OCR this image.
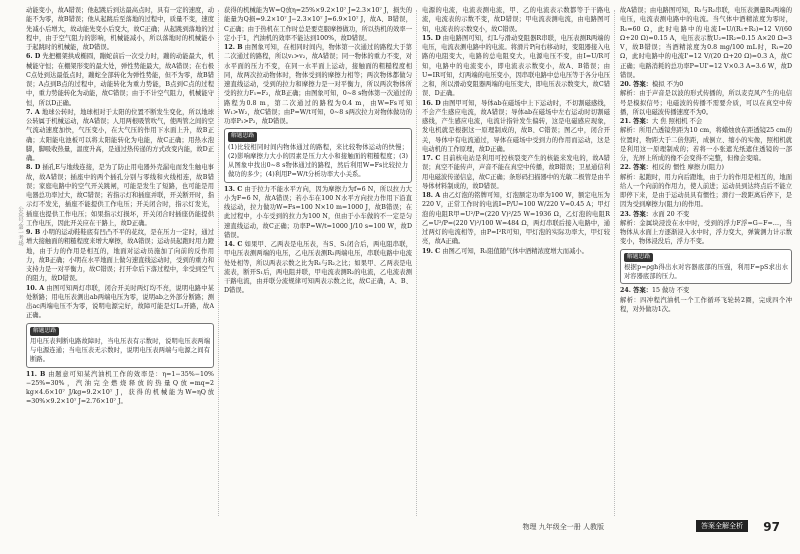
公众号·第一考场

动能变小，故A错误；他起跳后到达最高点时，具有一定的速度，动能不为零，故B错误；他从起跳后至落地的过程中，质量不变，速度先减小后增大，故动能先变小后变大，故C正确；从起跳到落地的过程中，由于空气阻力的影响，机械能减小，所以落地时的机械能小于起跳时的机械能，故D错误。

6. D 先把棚架拱成椭圆，蹦蛇前后一次受力时，蹦的动能最大，机械能守恒；在棚架形变的最大处，弹性势能最大，故A错误；在右极C点处到达最低点时，蹦蛇全部转化为弹性势能，但不为零，故B错误；A点到B点的过程中，动能转化为重力势能，B点到C点的过程中，重力势能转化为动能，故C错误；由于不计空气阻力，机械能守恒，所以D正确。

7. A 地球公转时，地球相对于太阳的位置不断发生变化，所以地球公转属于机械运动，故A错误；人用两根吸管吹气，使两管之间的空气流动速度加快，气压变小，在大气压的作用下水面上升，故B正确；太阳能电池板可以将太阳能转化为电能，故C正确；用热水泡脚，脚吸收热量，温度升高，是通过热传递的方式改变内能，故D正确。

8. D 插孔E与地线连接，是为了防止用电器外壳漏电而发生触电事故，故A错误；插座中的两个插孔分别与零线和火线相连，故B错误；家庭电路中的空气开关跳闸，可能是发生了短路，也可能是用电器总功率过大，故C错误；若指示灯和插座并联，开关断开时，指示灯不发光，插座不能提供工作电压；开关闭合时，指示灯发光，插座也提供工作电压；如果指示灯损坏，开关闭合时插座仍能提供工作电压，因此开关应在干路上，故D正确。

9. B 小明的运动鞋鞋底有凹凸不平的花纹，是在压力一定时，通过增大接触面的粗糙程度来增大摩擦，故A错误；运动员起跑时用力蹬地，由于力的作用是相互的，地面对运动员施加了向前的反作用力，故B正确；小明在水平地面上做匀速直线运动时，受到的重力和支持力是一对平衡力，故C错误；打开伞后下落过程中，伞受到空气的阻力，故D错误。

10. A 由图可知两灯串联，闭合开关时两灯均不亮，说明电路中某处断路；用电压表测出ab两端电压为零，说明ab之外部分断路；测出ac两端电压不为零，说明电源完好，故障可能是灯L₁开路，故A正确。

解题思路

用电压表判断电路故障时，当电压表有示数时，说明电压表两端与电源连通；当电压表无示数时，说明电压表两端与电源之间有断路。

11. B 由题意可知某汽油机工作的效率是：η=1−35%−10%−25%=30%，汽油完全燃烧释放的热量Q放=mq=2 kg×4.6×10⁷ J/kg=9.2×10⁷ J，获得的机械能为W=ηQ放=30%×9.2×10⁷ J=2.76×10⁷ J。

获得的机械能为W=Q放η=25%×9.2×10⁷ J=2.3×10⁷ J，损失的能量为Q损=9.2×10⁷ J−2.3×10⁷ J=6.9×10⁷ J，故A、B错误，C正确；由于热机在工作时总是要克服摩擦做功，所以热机的效率一定小于1，汽油机的效率不能达到100%，故D错误。

12. B 由图象可知，在相同时间内，物体第一次通过的路程大于第二次通过的路程，所以v₁>v₂，故A错误；同一物体的重力不变，对水平面的压力不变，在同一水平面上运动，接触面的粗糙程度相同，故两次拉动物体时，物体受到的摩擦力相等；两次物体都做匀速直线运动，受到的拉力和摩擦力是一对平衡力，所以两次物体所受的拉力F₁=F₂，故B正确；由图象可知，0~8 s物体第一次通过的路程为0.8 m，第二次通过的路程为0.4 m，由W=Fs可知W₁>W₂，故C错误；由P=W/t可知，0~8 s两次拉力对物体做功的功率P₁>P₂，故D错误。

解题思路

(1)比较相同时间内物体通过的路程，来比较物体运动的快慢；(2)影响摩擦力大小的因素是压力大小和接触面的粗糙程度；(3)从图象中找出0~8 s物体通过的路程，然后利用W=Fs比较拉力做功的多少；(4)利用P=W/t分析功率大小关系。

13. C 由于拉力不能水平方向，因为摩擦力为f=6 N，所以拉力大小为F=6 N，故A错误；若小车在100 N水平方向拉力作用下沿直线运动，拉力做功W=Fs=100 N×10 m=1000 J，故B错误；在此过程中，小车受到的拉力为100 N，但由于小车做的不一定是匀速直线运动，故C正确；功率P=W/t=1000 J/10 s=100 W，故D错误。

14. C 如果甲、乙两表是电压表，当S、S₁闭合后，两电阻串联，甲电压表测两端的电压，乙电压表测R₂两端电压，串联电路中电流处处相等，所以两表示数之比为R₁与R₂之比；如果甲、乙两表是电流表，断开S₁后，两电阻并联，甲电流表测R₂的电流，乙电流表测干路电流，由并联分流规律可知两表示数之比，故C正确，A、B、D错误。

电源的电流，电流表测电流，甲、乙的电流表示数都等于干路电流，电流表的示数不变，故D错误；甲电流表测电流，由电路图可知，电流表的示数变小，故C错误。

15. D 由电路图可知，灯L与滑动变阻器R串联，电压表测R两端的电压，电流表测电路中的电流。将滑片P向右移动时，变阻器接入电路的电阻变大，电路的总电阻变大，电源电压不变，由I=U/R可知，电路中的电流变小，即电流表示数变小，故A、B错误；由U=IR可知，灯两端的电压变小，因串联电路中总电压等于各分电压之和，所以滑动变阻器两端的电压变大，即电压表示数变大，故C错误、D正确。

16. D 由图甲可知，导体ab在磁场中上下运动时，不切割磁感线，不会产生感应电流，故A错误；导体ab在磁场中左右运动时切割磁感线，产生感应电流，电流计指针发生偏转，这是电磁感应现象，发电机就是根据这一原理制成的，故B、C错误；图乙中，闭合开关，导体中有电流通过，导体在磁场中受到力的作用而运动，这是电动机的工作原理，故D正确。

17. C 目前核电站是利用可控核裂变产生的核能来发电的，故A错误；真空不能传声，声音不能在真空中传播，故B错误；卫星通信利用电磁波传递信息，故C正确；条形码扫描器中的光敏二极管是由半导体材料制成的，故D错误。

18. A 由乙灯泡的铭牌可知，灯泡额定功率为100 W，额定电压为220 V，正常工作时的电流I=P/U=100 W/220 V≈0.45 A；甲灯泡的电阻R甲=U²/P=(220 V)²/25 W=1936 Ω，乙灯泡的电阻R乙=U²/P=(220 V)²/100 W=484 Ω，两灯串联后接入电路中，通过两灯的电流相等，由P=I²R可知，甲灯泡的实际功率大，甲灯较亮，故A正确。

19. C 由图乙可知，R₁阻值随气体中酒精浓度增大而减小。

故A错误；由电路图可知，R₁与R₂串联，电压表测量R₂两端的电压，电流表测电路中的电流。当气体中酒精浓度为零时，R₁=60 Ω，此时电路中的电流I=U/(R₁+R₂)=12 V/(60 Ω+20 Ω)=0.15 A，电压表示数U₂=IR₂=0.15 A×20 Ω=3 V，故B错误；当酒精浓度为0.8 mg/100 mL时，R₁=20 Ω，此时电路中的电流I'=12 V/(20 Ω+20 Ω)=0.3 A，故C正确；电路消耗的总功率P=UI'=12 V×0.3 A=3.6 W，故D错误。

20. 答案：模拟 不为0

解析：由于声音是以波的形式传播的，所以麦克风产生的电信号是模拟信号；电磁波的传播不需要介质，可以在真空中传播，所以电磁波传播速度不为0。

21. 答案：大 焦 照相机 不会

解析：所用凸透镜焦距为10 cm，将蜡烛放在距透镜25 cm的位置时，物距大于二倍焦距，成倒立、缩小的实像，照相机就是利用这一原理制成的；若将一小张遮光纸遮住透镜的一部分，光屏上所成的像不会变得不完整，但像会变暗。

22. 答案：相反的 惯性 摩擦力(阻力)

解析：起跑时，用力向后蹬地，由于力的作用是相互的，地面给人一个向前的作用力，使人前进；运动员到达终点后不能立即停下来，是由于运动员具有惯性；滑行一段距离后停下，是因为受到摩擦力(阻力)的作用。

23. 答案：水面 20 不变

解析：金属块浸没在水中时，受到的浮力F浮=G−F=…，当物体从水面上方逐渐浸入水中时，浮力变大，弹簧测力计示数变小，物体浸没后，浮力不变。

解题思路

根据p=ρgh得出水对容器底部的压强，利用F=pS求出水对容器底部的压力。

24. 答案：15 做功 不变

解析：四冲程汽油机一个工作循环飞轮转2圈，完成四个冲程，对外做功1次。

物理 九年级全一册 人教版	答案全解全析	97
